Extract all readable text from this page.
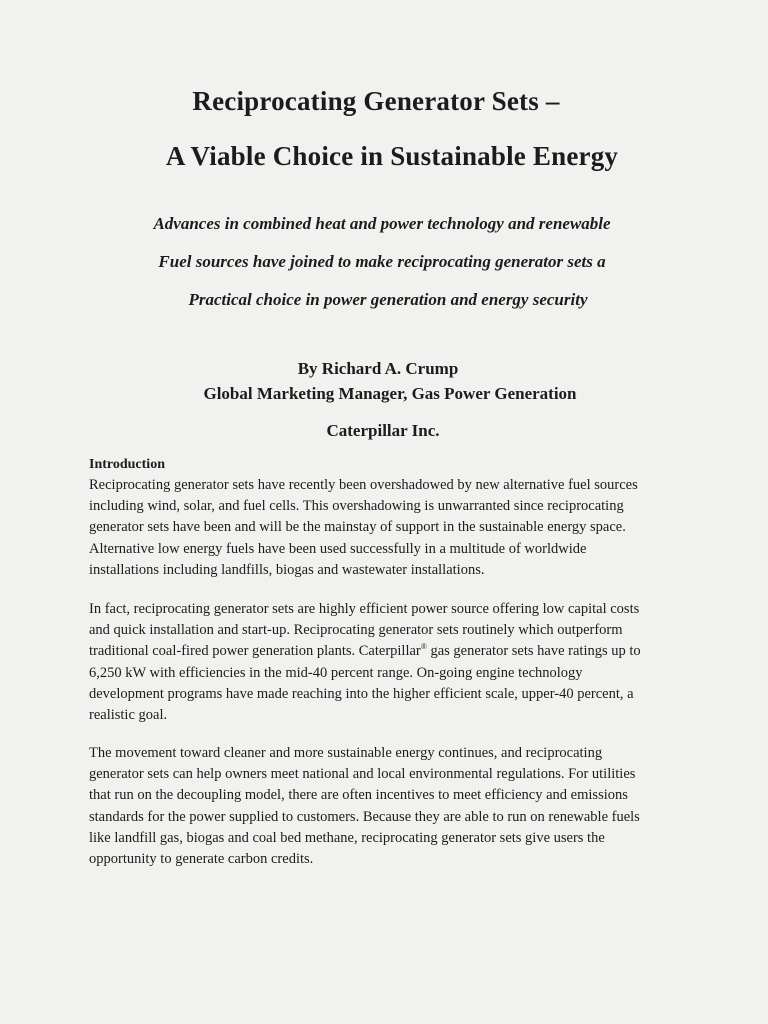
Reciprocating Generator Sets –
A Viable Choice in Sustainable Energy
Advances in combined heat and power technology and renewable
Fuel sources have joined to make reciprocating generator sets a
Practical choice in power generation and energy security
By Richard A. Crump
Global Marketing Manager, Gas Power Generation
Caterpillar Inc.
Introduction
Reciprocating generator sets have recently been overshadowed by new alternative fuel sources
including wind, solar, and fuel cells. This overshadowing is unwarranted since reciprocating
generator sets have been and will be the mainstay of support in the sustainable energy space.
Alternative low energy fuels have been used successfully in a multitude of worldwide
installations including landfills, biogas and wastewater installations.
In fact, reciprocating generator sets are highly efficient power source offering low capital costs
and quick installation and start-up. Reciprocating generator sets routinely which outperform
traditional coal-fired power generation plants. Caterpillar® gas generator sets have ratings up to
6,250 kW with efficiencies in the mid-40 percent range. On-going engine technology
development programs have made reaching into the higher efficient scale, upper-40 percent, a
realistic goal.
The movement toward cleaner and more sustainable energy continues, and reciprocating
generator sets can help owners meet national and local environmental regulations. For utilities
that run on the decoupling model, there are often incentives to meet efficiency and emissions
standards for the power supplied to customers. Because they are able to run on renewable fuels
like landfill gas, biogas and coal bed methane, reciprocating generator sets give users the
opportunity to generate carbon credits.
